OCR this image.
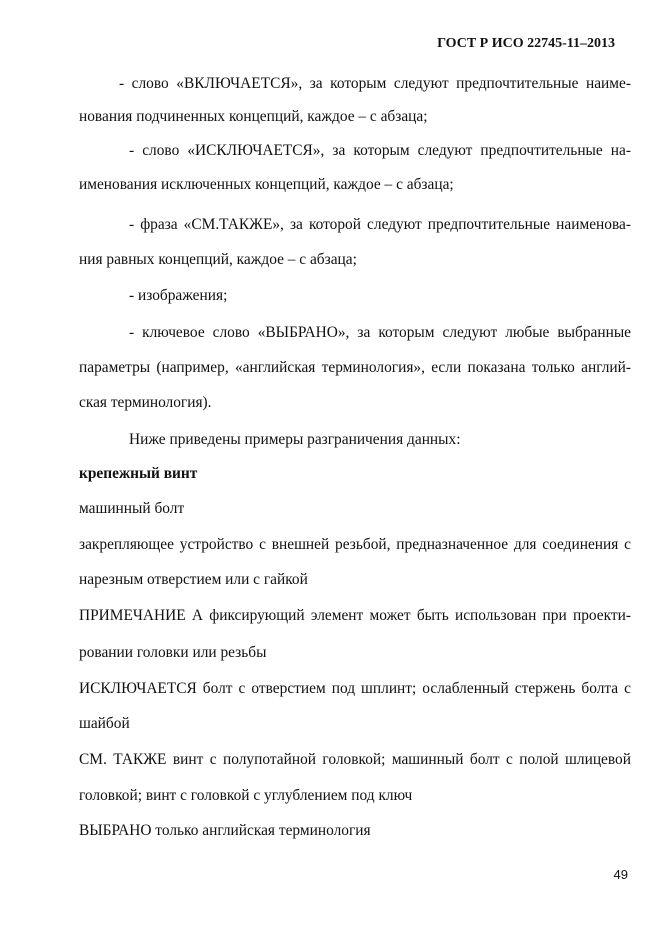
ГОСТ Р ИСО 22745-11–2013
- слово «ВКЛЮЧАЕТСЯ», за которым следуют предпочтительные наиме-
нования подчиненных концепций, каждое – с абзаца;
- слово «ИСКЛЮЧАЕТСЯ», за которым следуют предпочтительные на-
именования исключенных концепций, каждое – с абзаца;
- фраза «СМ.ТАКЖЕ», за которой следуют предпочтительные наименова-
ния равных концепций, каждое – с абзаца;
- изображения;
- ключевое слово «ВЫБРАНО», за которым следуют любые выбранные
параметры (например, «английская терминология», если показана только англий-
ская терминология).
Ниже приведены примеры разграничения данных:
крепежный винт
машинный болт
закрепляющее устройство с внешней резьбой, предназначенное для соединения с
нарезным отверстием или с гайкой
ПРИМЕЧАНИЕ А фиксирующий элемент может быть использован при проекти-
ровании головки или резьбы
ИСКЛЮЧАЕТСЯ болт с отверстием под шплинт; ослабленный стержень болта с
шайбой
СМ. ТАКЖЕ винт с полупотайной головкой; машинный болт с полой шлицевой
головкой; винт с головкой с углублением под ключ
ВЫБРАНО только английская терминология
49
